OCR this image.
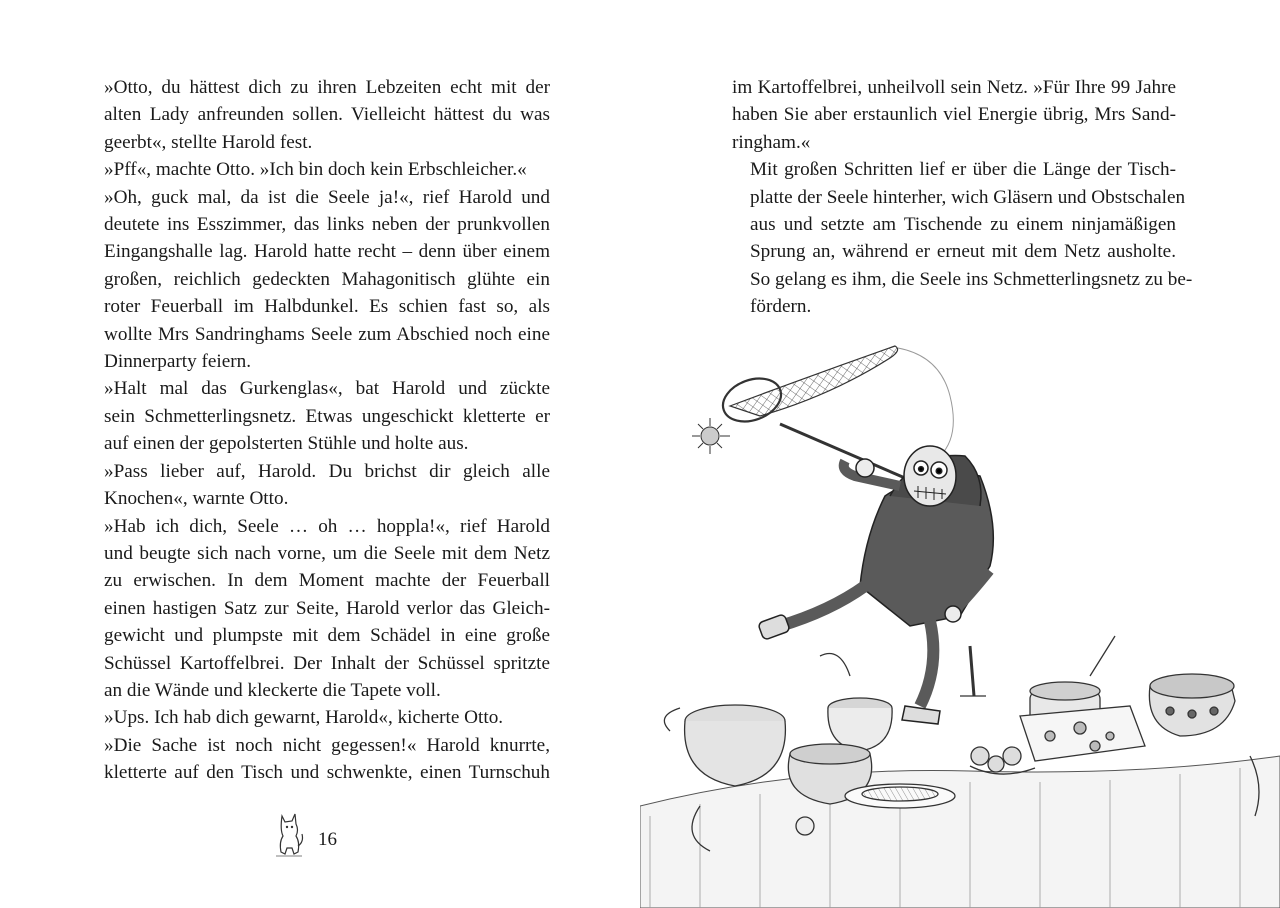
»Otto, du hättest dich zu ihren Lebzeiten echt mit der
alten Lady anfreunden sollen. Vielleicht hättest du was
geerbt«, stellte Harold fest.
»Pff«, machte Otto. »Ich bin doch kein Erbschleicher.«
»Oh, guck mal, da ist die Seele ja!«, rief Harold und
deutete ins Esszimmer, das links neben der prunkvollen
Eingangshalle lag. Harold hatte recht – denn über einem
großen, reichlich gedeckten Mahagonitisch glühte ein
roter Feuerball im Halbdunkel. Es schien fast so, als
wollte Mrs Sandringhams Seele zum Abschied noch eine
Dinnerparty feiern.
»Halt mal das Gurkenglas«, bat Harold und zückte
sein Schmetterlingsnetz. Etwas ungeschickt kletterte er
auf einen der gepolsterten Stühle und holte aus.
»Pass lieber auf, Harold. Du brichst dir gleich alle
Knochen«, warnte Otto.
»Hab ich dich, Seele … oh … hoppla!«, rief Harold
und beugte sich nach vorne, um die Seele mit dem Netz
zu erwischen. In dem Moment machte der Feuerball
einen hastigen Satz zur Seite, Harold verlor das Gleich-
gewicht und plumpste mit dem Schädel in eine große
Schüssel Kartoffelbrei. Der Inhalt der Schüssel spritzte
an die Wände und kleckerte die Tapete voll.
»Ups. Ich hab dich gewarnt, Harold«, kicherte Otto.
»Die Sache ist noch nicht gegessen!« Harold knurrte,
kletterte auf den Tisch und schwenkte, einen Turnschuh
16
im Kartoffelbrei, unheilvoll sein Netz. »Für Ihre 99 Jahre
haben Sie aber erstaunlich viel Energie übrig, Mrs Sand-
ringham.«
Mit großen Schritten lief er über die Länge der Tisch-
platte der Seele hinterher, wich Gläsern und Obstschalen
aus und setzte am Tischende zu einem ninjamäßigen
Sprung an, während er erneut mit dem Netz ausholte.
So gelang es ihm, die Seele ins Schmetterlingsnetz zu be-
fördern.
